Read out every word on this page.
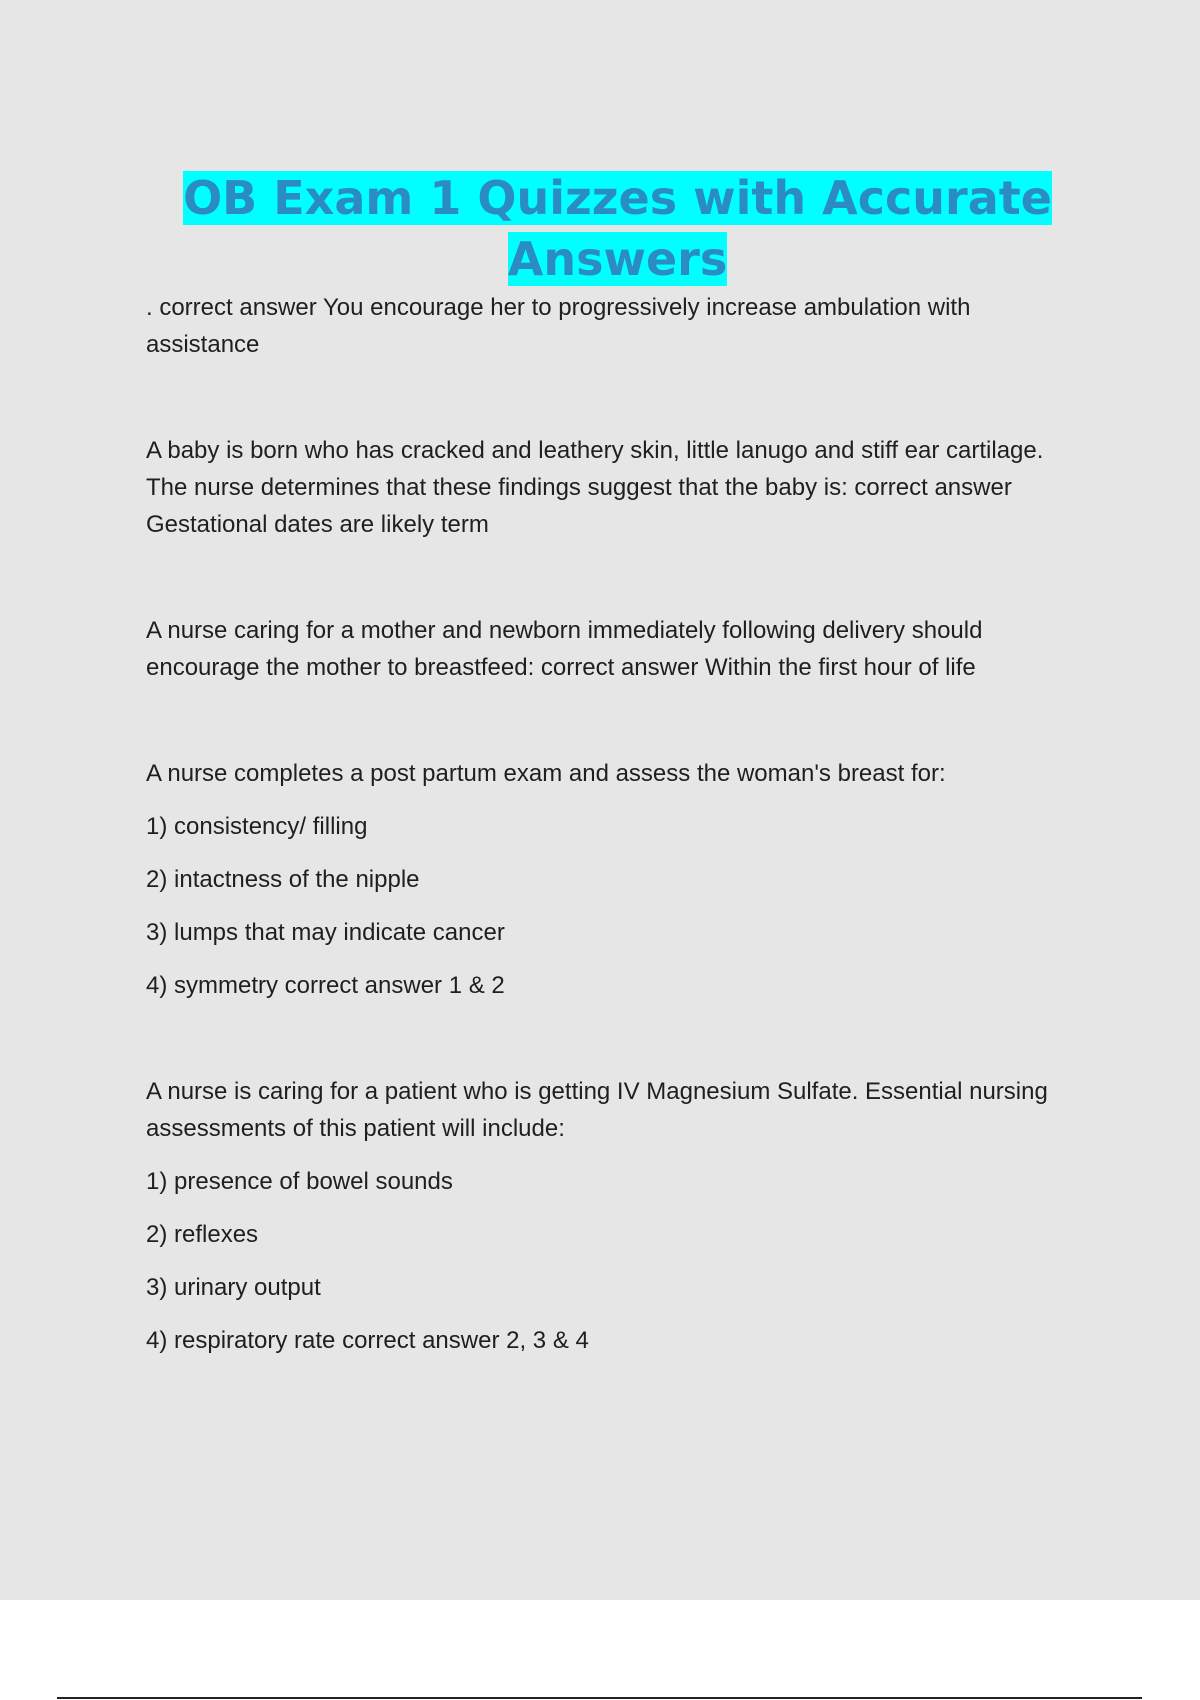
OB Exam 1 Quizzes with Accurate Answers

. correct answer You encourage her to progressively increase ambulation with assistance

A baby is born who has cracked and leathery skin, little lanugo and stiff ear cartilage. The nurse determines that these findings suggest that the baby is: correct answer Gestational dates are likely term

A nurse caring for a mother and newborn immediately following delivery should encourage the mother to breastfeed: correct answer Within the first hour of life

A nurse completes a post partum exam and assess the woman's breast for:

1) consistency/ filling

2) intactness of the nipple

3) lumps that may indicate cancer

4) symmetry correct answer 1 & 2

A nurse is caring for a patient who is getting IV Magnesium Sulfate. Essential nursing assessments of this patient will include:

1) presence of bowel sounds

2) reflexes

3) urinary output

4) respiratory rate correct answer 2, 3 & 4
